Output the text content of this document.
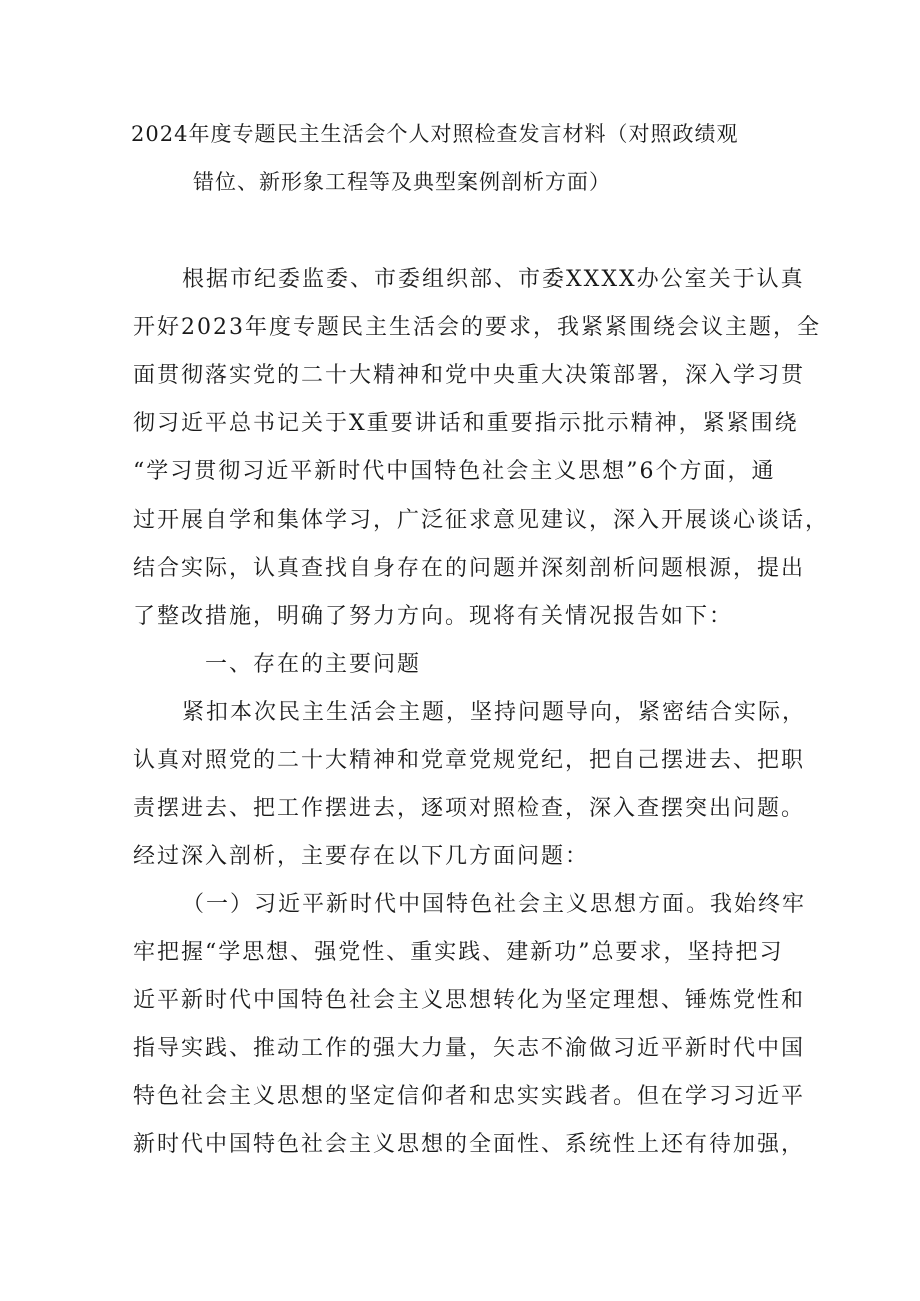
2024年度专题民主生活会个人对照检查发言材料（对照政绩观
错位、新形象工程等及典型案例剖析方面）
根据市纪委监委、市委组织部、市委XXXX办公室关于认真
开好2023年度专题民主生活会的要求，我紧紧围绕会议主题，全
面贯彻落实党的二十大精神和党中央重大决策部署，深入学习贯
彻习近平总书记关于X重要讲话和重要指示批示精神，紧紧围绕
“学习贯彻习近平新时代中国特色社会主义思想”6个方面，通
过开展自学和集体学习，广泛征求意见建议，深入开展谈心谈话，
结合实际，认真查找自身存在的问题并深刻剖析问题根源，提出
了整改措施，明确了努力方向。现将有关情况报告如下：
一、存在的主要问题
紧扣本次民主生活会主题，坚持问题导向，紧密结合实际，
认真对照党的二十大精神和党章党规党纪，把自己摆进去、把职
责摆进去、把工作摆进去，逐项对照检查，深入查摆突出问题。
经过深入剖析，主要存在以下几方面问题：
（一）习近平新时代中国特色社会主义思想方面。我始终牢
牢把握“学思想、强党性、重实践、建新功”总要求，坚持把习
近平新时代中国特色社会主义思想转化为坚定理想、锤炼党性和
指导实践、推动工作的强大力量，矢志不渝做习近平新时代中国
特色社会主义思想的坚定信仰者和忠实实践者。但在学习习近平
新时代中国特色社会主义思想的全面性、系统性上还有待加强，
